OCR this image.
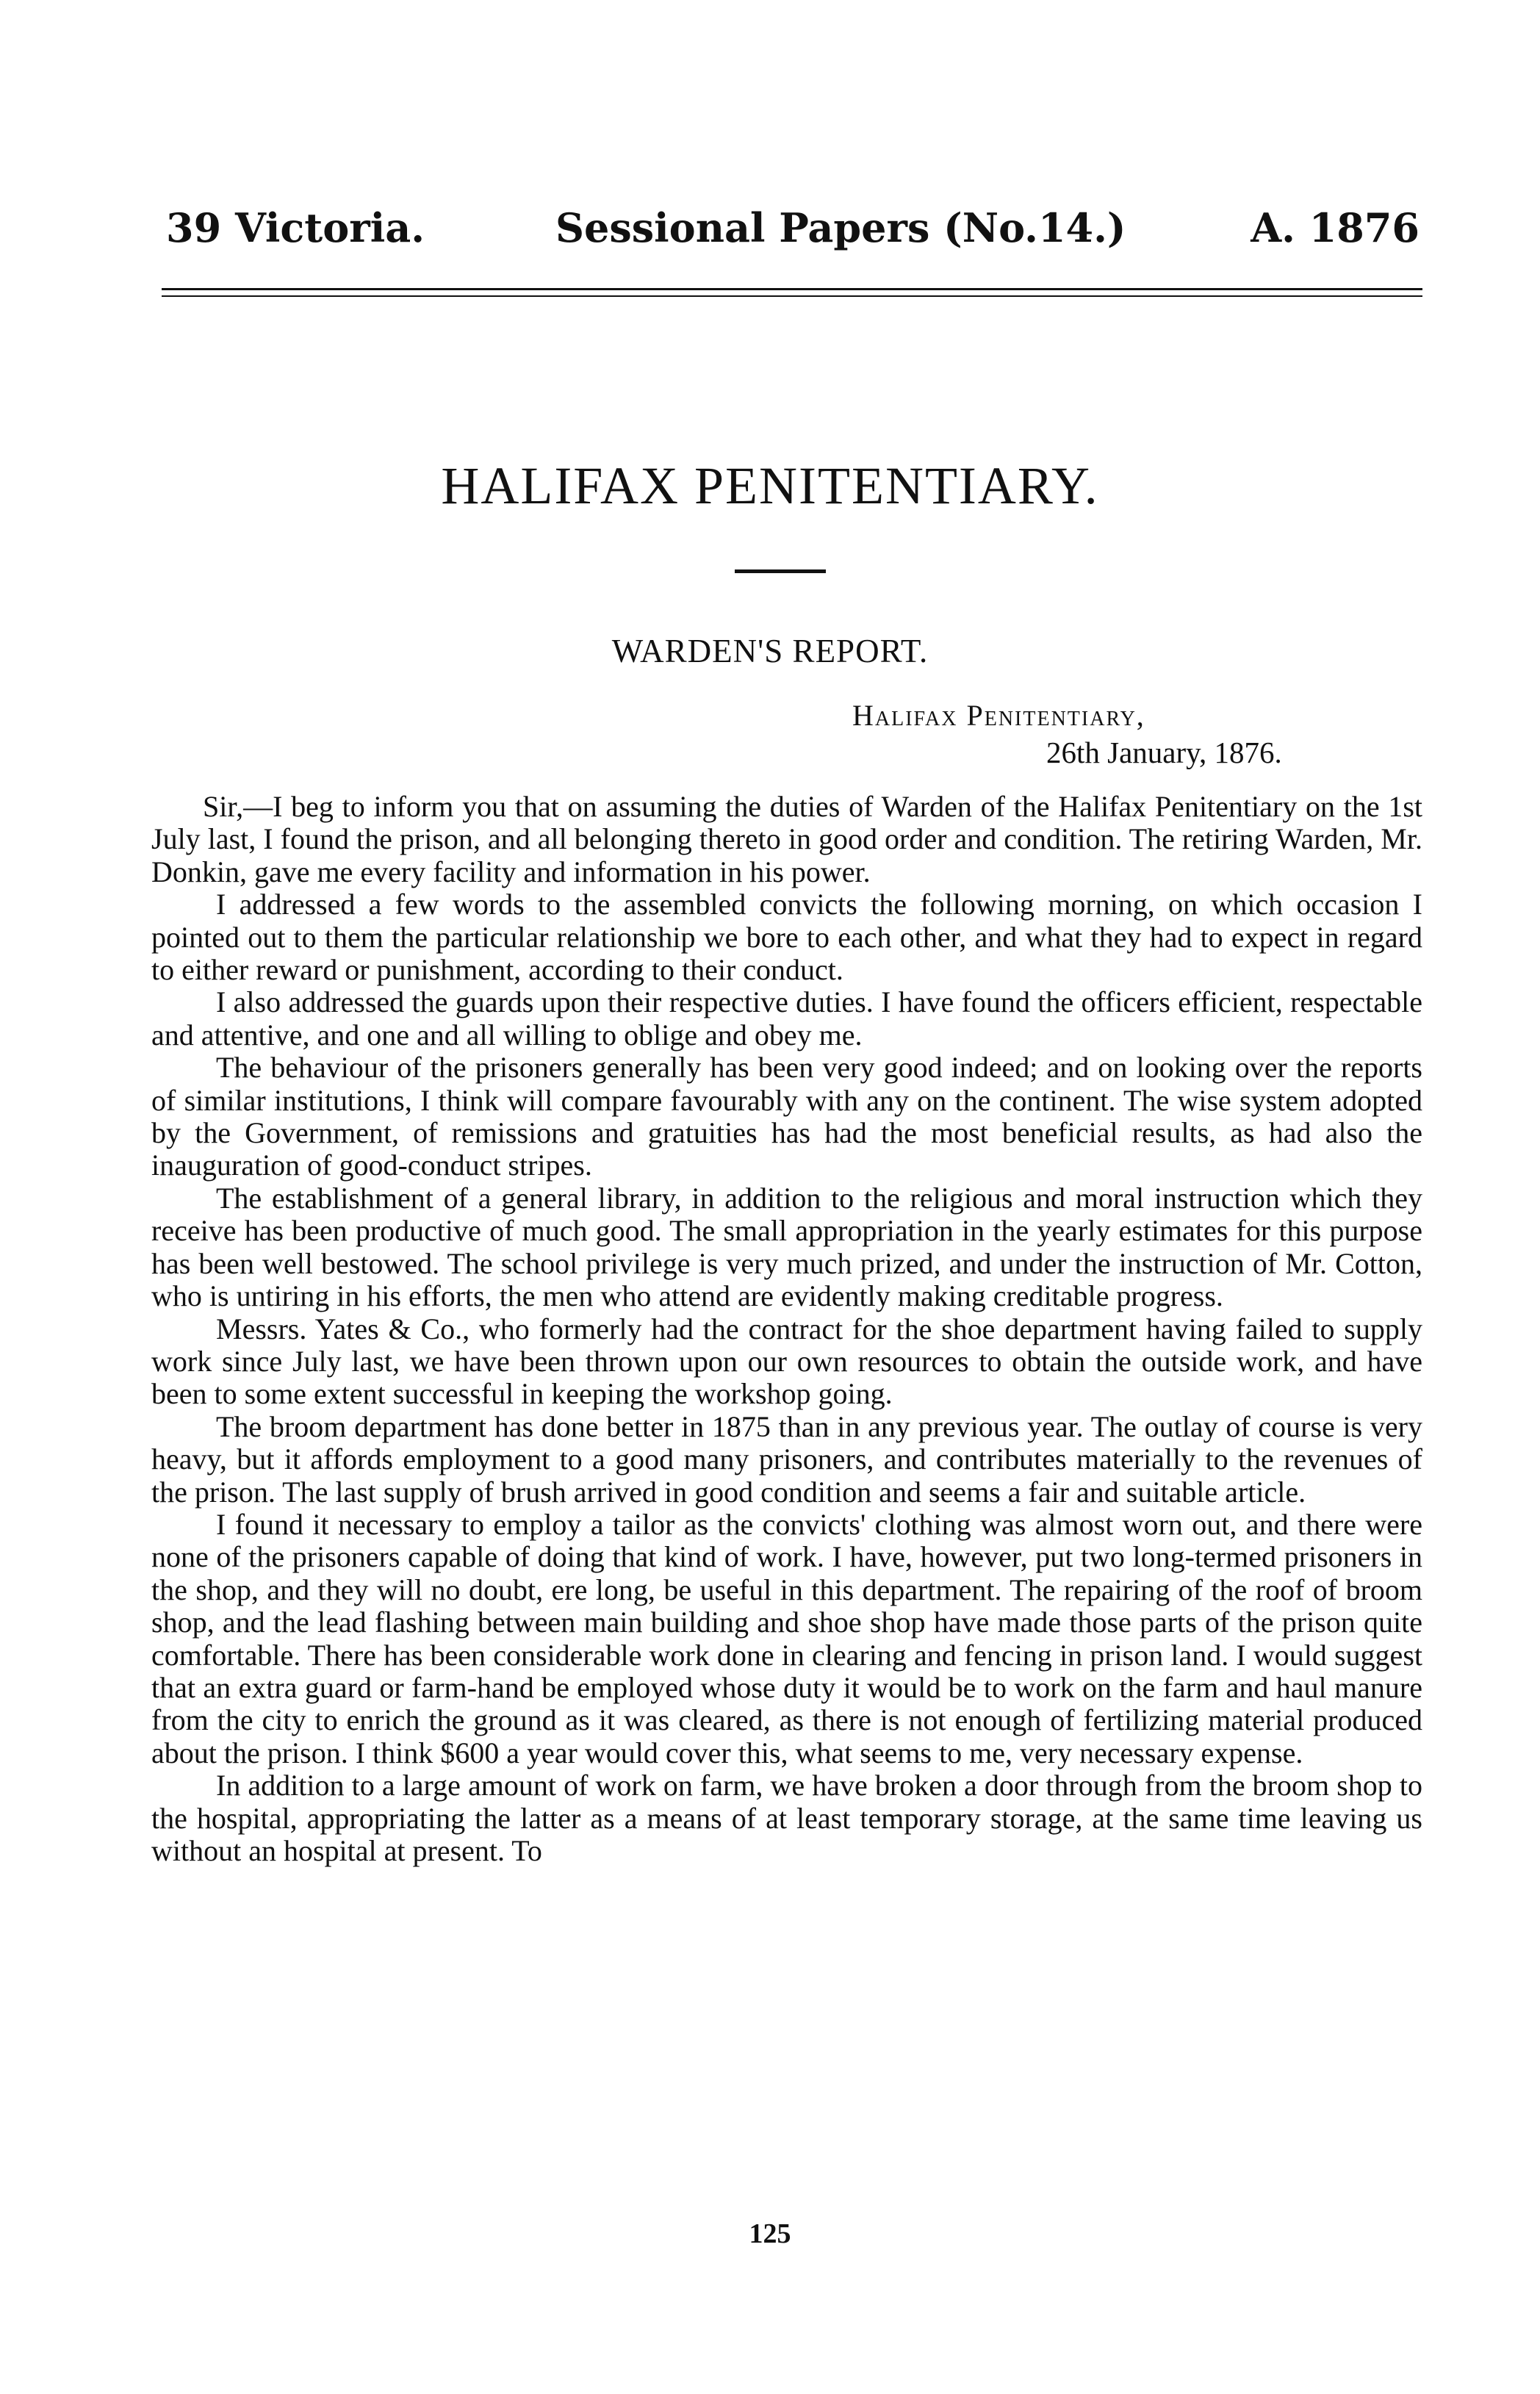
39 Victoria.	Sessional Papers (No.14.)	A. 1876
HALIFAX PENITENTIARY.
WARDEN'S REPORT.
Halifax Penitentiary,
26th January, 1876.

Sir,—I beg to inform you that on assuming the duties of Warden of the Halifax Penitentiary on the 1st July last, I found the prison, and all belonging thereto in good order and condition. The retiring Warden, Mr. Donkin, gave me every facility and information in his power.

I addressed a few words to the assembled convicts the following morning, on which occasion I pointed out to them the particular relationship we bore to each other, and what they had to expect in regard to either reward or punishment, according to their conduct.

I also addressed the guards upon their respective duties. I have found the officers efficient, respectable and attentive, and one and all willing to oblige and obey me.

The behaviour of the prisoners generally has been very good indeed; and on looking over the reports of similar institutions, I think will compare favourably with any on the continent. The wise system adopted by the Government, of remissions and gratuities has had the most beneficial results, as had also the inauguration of good-conduct stripes.

The establishment of a general library, in addition to the religious and moral instruction which they receive has been productive of much good. The small appropriation in the yearly estimates for this purpose has been well bestowed. The school privilege is very much prized, and under the instruction of Mr. Cotton, who is untiring in his efforts, the men who attend are evidently making creditable progress.

Messrs. Yates & Co., who formerly had the contract for the shoe department having failed to supply work since July last, we have been thrown upon our own resources to obtain the outside work, and have been to some extent successful in keeping the workshop going.

The broom department has done better in 1875 than in any previous year. The outlay of course is very heavy, but it affords employment to a good many prisoners, and contributes materially to the revenues of the prison. The last supply of brush arrived in good condition and seems a fair and suitable article.

I found it necessary to employ a tailor as the convicts' clothing was almost worn out, and there were none of the prisoners capable of doing that kind of work. I have, however, put two long-termed prisoners in the shop, and they will no doubt, ere long, be useful in this department. The repairing of the roof of broom shop, and the lead flashing between main building and shoe shop have made those parts of the prison quite comfortable. There has been considerable work done in clearing and fencing in prison land. I would suggest that an extra guard or farm-hand be employed whose duty it would be to work on the farm and haul manure from the city to enrich the ground as it was cleared, as there is not enough of fertilizing material produced about the prison. I think $600 a year would cover this, what seems to me, very necessary expense.

In addition to a large amount of work on farm, we have broken a door through from the broom shop to the hospital, appropriating the latter as a means of at least temporary storage, at the same time leaving us without an hospital at present. To

125
